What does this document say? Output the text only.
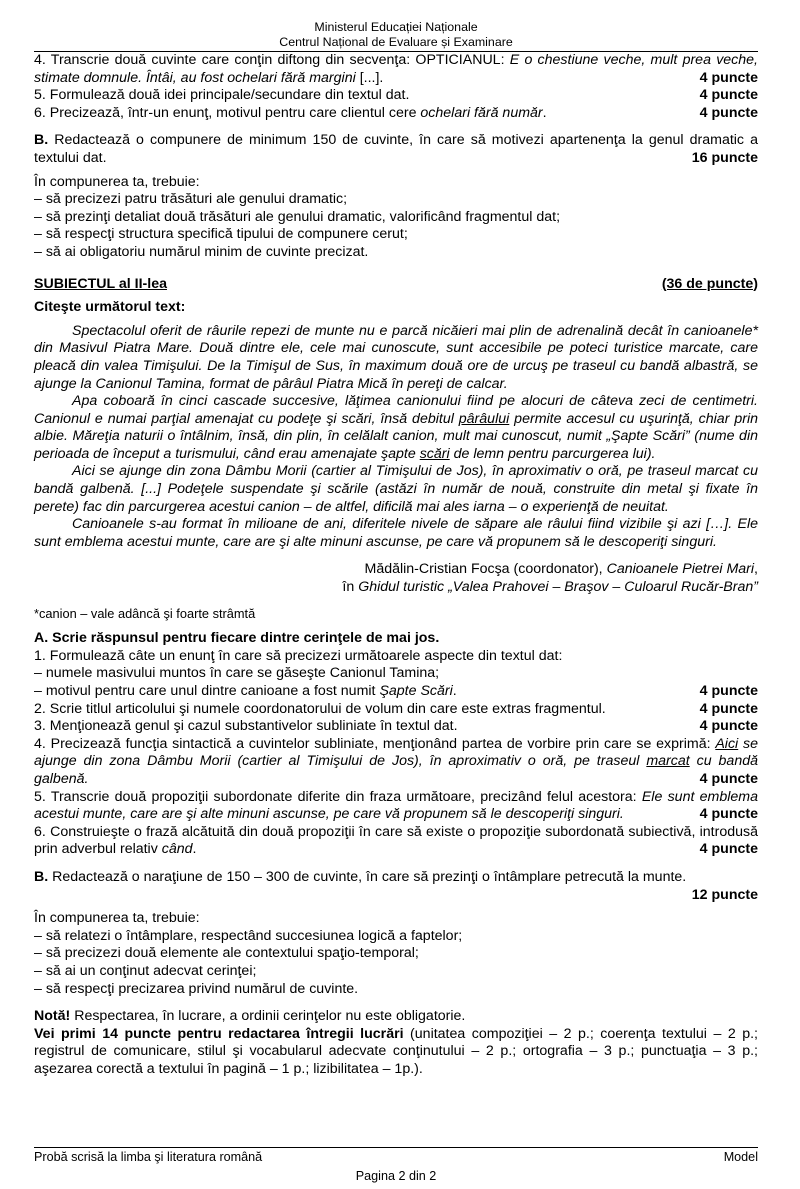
Ministerul Educației Naționale
Centrul Național de Evaluare și Examinare

4. Transcrie două cuvinte care conţin diftong din secvenţa: OPTICIANUL: E o chestiune veche, mult prea veche, stimate domnule. Întâi, au fost ochelari fără margini [...].	4 puncte

5. Formulează două idei principale/secundare din textul dat.	4 puncte

6. Precizează, într-un enunţ, motivul pentru care clientul cere ochelari fără număr.	4 puncte

B. Redactează o compunere de minimum 150 de cuvinte, în care să motivezi apartenenţa la genul dramatic a textului dat.	16 puncte

În compunerea ta, trebuie:

– să precizezi patru trăsături ale genului dramatic;

– să prezinţi detaliat două trăsături ale genului dramatic, valorificând fragmentul dat;

– să respecţi structura specifică tipului de compunere cerut;

– să ai obligatoriu numărul minim de cuvinte precizat.

SUBIECTUL al II-lea	(36 de puncte)

Citeşte următorul text:

Spectacolul oferit de râurile repezi de munte nu e parcă nicăieri mai plin de adrenalină decât în canioanele* din Masivul Piatra Mare. Două dintre ele, cele mai cunoscute, sunt accesibile pe poteci turistice marcate, care pleacă din valea Timişului. De la Timişul de Sus, în maximum două ore de urcuş pe traseul cu bandă albastră, se ajunge la Canionul Tamina, format de pârâul Piatra Mică în pereţi de calcar.

Apa coboară în cinci cascade succesive, lăţimea canionului fiind pe alocuri de câteva zeci de centimetri. Canionul e numai parţial amenajat cu podeţe şi scări, însă debitul pârâului permite accesul cu uşurinţă, chiar prin albie. Măreţia naturii o întâlnim, însă, din plin, în celălalt canion, mult mai cunoscut, numit „Şapte Scări” (nume din perioada de început a turismului, când erau amenajate şapte scări de lemn pentru parcurgerea lui).

Aici se ajunge din zona Dâmbu Morii (cartier al Timişului de Jos), în aproximativ o oră, pe traseul marcat cu bandă galbenă. [...] Podeţele suspendate şi scările (astăzi în număr de nouă, construite din metal şi fixate în perete) fac din parcurgerea acestui canion – de altfel, dificilă mai ales iarna – o experienţă de neuitat.

Canioanele s-au format în milioane de ani, diferitele nivele de săpare ale râului fiind vizibile şi azi […]. Ele sunt emblema acestui munte, care are şi alte minuni ascunse, pe care vă propunem să le descoperiţi singuri.

Mădălin-Cristian Focşa (coordonator), Canioanele Pietrei Mari,

în Ghidul turistic „Valea Prahovei – Braşov – Culoarul Rucăr-Bran”

*canion – vale adâncă şi foarte strâmtă

A. Scrie răspunsul pentru fiecare dintre cerinţele de mai jos.

1. Formulează câte un enunţ în care să precizezi următoarele aspecte din textul dat:

– numele masivului muntos în care se găseşte Canionul Tamina;

– motivul pentru care unul dintre canioane a fost numit Şapte Scări.	4 puncte

2. Scrie titlul articolului şi numele coordonatorului de volum din care este extras fragmentul.	4 puncte

3. Menţionează genul şi cazul substantivelor subliniate în textul dat.	4 puncte

4. Precizează funcţia sintactică a cuvintelor subliniate, menţionând partea de vorbire prin care se exprimă: Aici se ajunge din zona Dâmbu Morii (cartier al Timişului de Jos), în aproximativ o oră, pe traseul marcat cu bandă galbenă.	4 puncte

5. Transcrie două propoziţii subordonate diferite din fraza următoare, precizând felul acestora: Ele sunt emblema acestui munte, care are şi alte minuni ascunse, pe care vă propunem să le descoperiţi singuri.	4 puncte

6. Construieşte o frază alcătuită din două propoziţii în care să existe o propoziţie subordonată subiectivă, introdusă prin adverbul relativ când.	4 puncte

B. Redactează o naraţiune de 150 – 300 de cuvinte, în care să prezinţi o întâmplare petrecută la munte.
12 puncte

În compunerea ta, trebuie:

– să relatezi o întâmplare, respectând succesiunea logică a faptelor;

– să precizezi două elemente ale contextului spaţio-temporal;

– să ai un conţinut adecvat cerinţei;

– să respecţi precizarea privind numărul de cuvinte.

Notă! Respectarea, în lucrare, a ordinii cerinţelor nu este obligatorie.

Vei primi 14 puncte pentru redactarea întregii lucrări (unitatea compoziţiei – 2 p.; coerenţa textului – 2 p.; registrul de comunicare, stilul şi vocabularul adecvate conţinutului – 2 p.; ortografia – 3 p.; punctuaţia – 3 p.; aşezarea corectă a textului în pagină – 1 p.; lizibilitatea – 1p.).

Probă scrisă la limba şi literatura română	Model
Pagina 2 din 2
